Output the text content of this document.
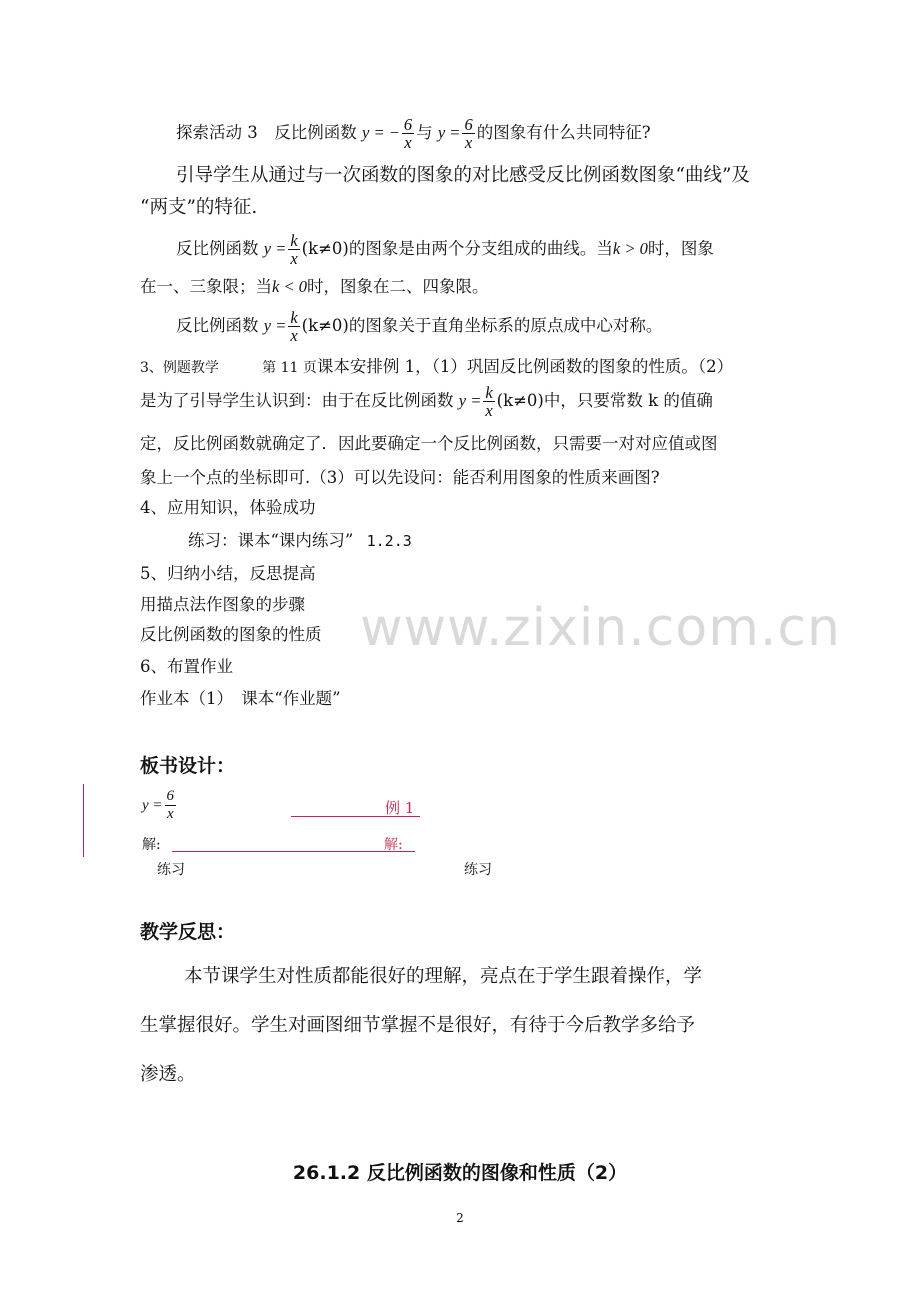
www.zixin.com.cn
探索活动 3　反比例函数 y = − $\frac{6}{x}$ 与 $y = \frac{6}{x}$ 的图象有什么共同特征?
引导学生从通过与一次函数的图象的对比感受反比例函数图象“曲线”及
“两支”的特征.
反比例函数 $y = \frac{k}{x} (k\ne 0)$的图象是由两个分支组成的曲线。当k > 0时，图象
在一、三象限；当k < 0时，图象在二、四象限。
反比例函数 $y = \frac{k}{x} (k\ne 0)$的图象关于直角坐标系的原点成中心对称。
3、例题教学	第 11 页课本安排例 1，（1）巩固反比例函数的图象的性质。（2）
是为了引导学生认识到：由于在反比例函数 $y = \frac{k}{x} (k\ne 0)$中，只要常数 k 的值确
定，反比例函数就确定了．因此要确定一个反比例函数，只需要一对对应值或图
象上一个点的坐标即可.（3）可以先设问：能否利用图象的性质来画图?
4、应用知识，体验成功
练习：课本“课内练习” 1.2.3
5、归纳小结，反思提高
用描点法作图象的步骤
反比例函数的图象的性质
6、布置作业
作业本（1）　课本“作业题”
板书设计：
$y = \frac{6}{x}$	例 1
解:	解:
练习	练习
教学反思：
本节课学生对性质都能很好的理解，亮点在于学生跟着操作，学
生掌握很好。学生对画图细节掌握不是很好，有待于今后教学多给予
渗透。
26.1.2 反比例函数的图像和性质（2）
2
